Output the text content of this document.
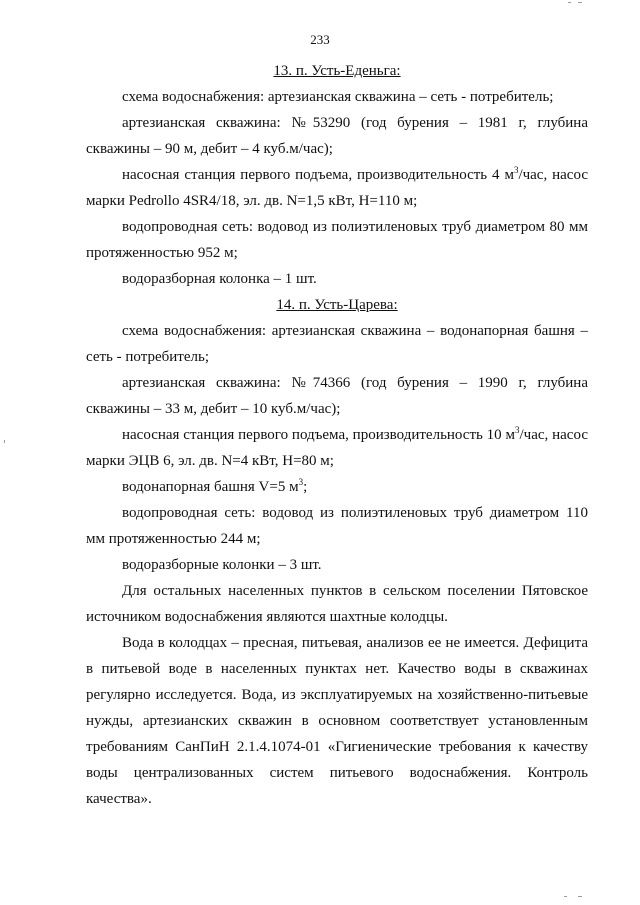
233

13. п. Усть-Еденьга:

схема водоснабжения: артезианская скважина – сеть - потребитель;

артезианская скважина: №53290 (год бурения – 1981 г, глубина скважины – 90 м, дебит – 4 куб.м/час);

насосная станция первого подъема, производительность 4 $м^3$/час, насос марки Pedrollo 4SR4/18, эл. дв. N=1,5 кВт, H=110 м;

водопроводная сеть: водовод из полиэтиленовых труб диаметром 80 мм протяженностью 952 м;

водоразборная колонка – 1 шт.

14. п. Усть-Царева:

схема водоснабжения: артезианская скважина – водонапорная башня – сеть - потребитель;

артезианская скважина: №74366 (год бурения – 1990 г, глубина скважины – 33 м, дебит – 10 куб.м/час);

насосная станция первого подъема, производительность 10 $м^3$/час, насос марки ЭЦВ 6, эл. дв. N=4 кВт, H=80 м;

водонапорная башня V=5 $м^3$;

водопроводная сеть: водовод из полиэтиленовых труб диаметром 110 мм протяженностью 244 м;

водоразборные колонки – 3 шт.

Для остальных населенных пунктов в сельском поселении Пятовское источником водоснабжения являются шахтные колодцы.

Вода в колодцах – пресная, питьевая, анализов ее не имеется. Дефицита в питьевой воде в населенных пунктах нет. Качество воды в скважинах регулярно исследуется. Вода, из эксплуатируемых на хозяйственно-питьевые нужды, артезианских скважин в основном соответствует установленным требованиям СанПиН 2.1.4.1074-01 «Гигиенические требования к качеству воды централизованных систем питьевого водоснабжения. Контроль качества».
